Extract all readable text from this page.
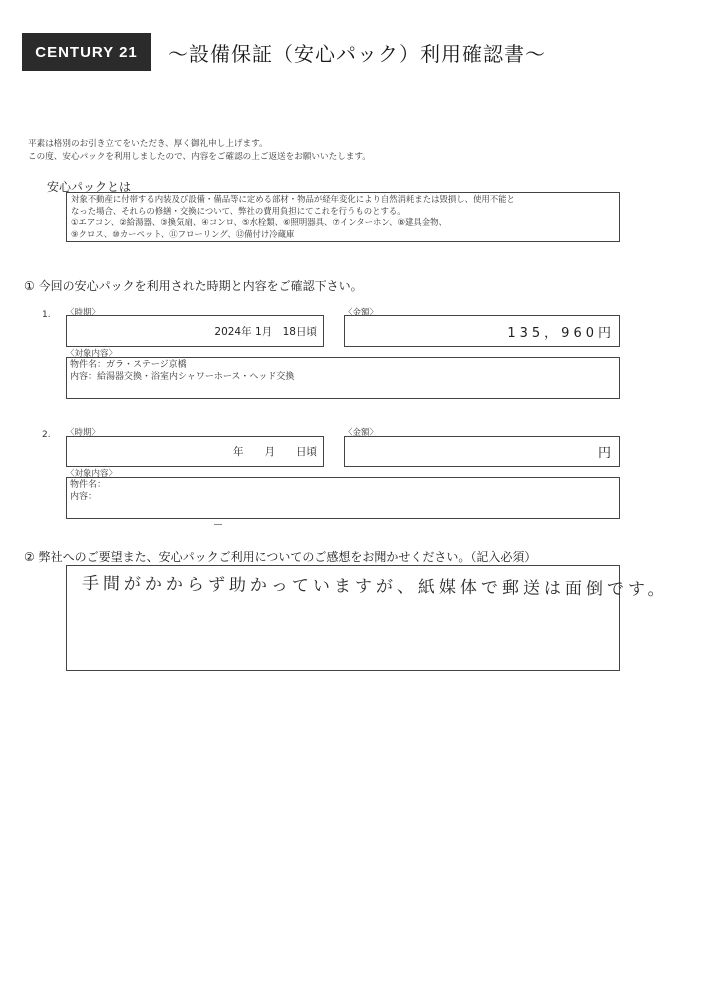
CENTURY 21 ～設備保証（安心パック）利用確認書～
平素は格別のお引き立てをいただき、厚く御礼申し上げます。
この度、安心パックを利用しましたので、内容をご確認の上ご返送をお願いいたします。
安心パックとは
対象不動産に付帯する内装及び設備・備品等に定める部材・物品が経年変化により自然消耗または毀損し、使用不能と
なった場合、それらの修繕・交換について、弊社の費用負担にてこれを行うものとする。
①エアコン、②給湯器、③換気扇、④コンロ、⑤水栓類、⑥照明器具、⑦インターホン、⑧建具金物、
⑨クロス、⑩カーペット、⑪フローリング、⑫備付け冷蔵庫
① 今回の安心パックを利用された時期と内容をご確認下さい。
1. 〈時期〉
2024年 1月　18日頃
〈金額〉
135，960円
〈対象内容〉
物件名：ガラ・ステージ京橋
内容：給湯器交換・浴室内シャワーホース・ヘッド交換
2. 〈時期〉
年　　月　　日頃
〈金額〉
円
〈対象内容〉
物件名：
内容：
② 弊社へのご要望また、安心パックご利用についてのご感想をお聞かせください。（記入必須）
手間がかからず助かっていますが、紙媒体で郵送は面倒です。
